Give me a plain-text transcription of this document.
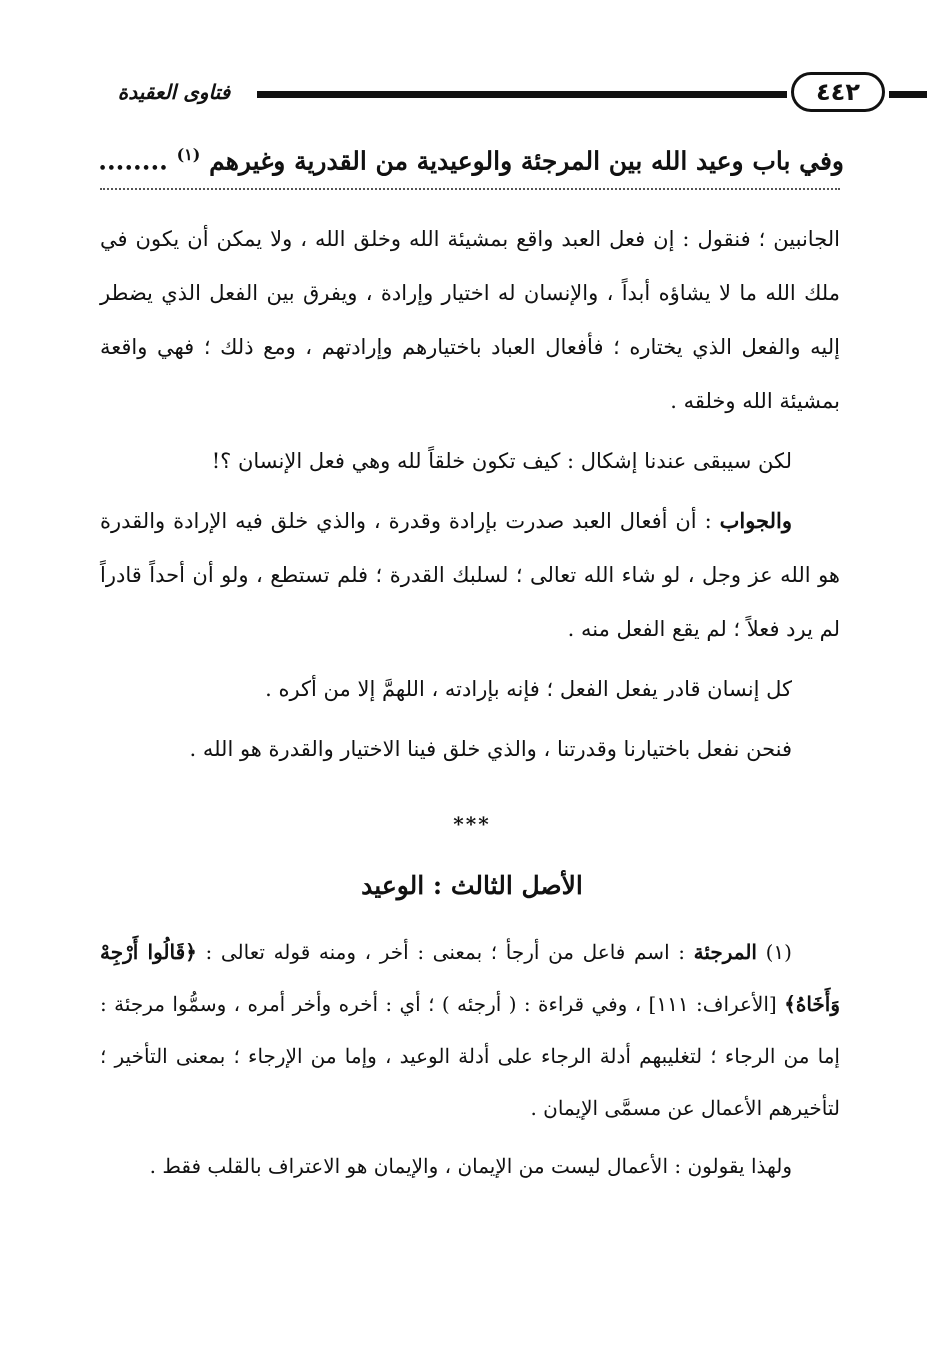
فتاوى العقيدة	٤٤٢
وفي باب وعيد الله بين المرجئة والوعيدية من القدرية وغيرهم $^{(١)}$ ........

الجانبين ؛ فنقول : إن فعل العبد واقع بمشيئة الله وخلق الله ، ولا يمكن أن يكون في ملك الله ما لا يشاؤه أبداً ، والإنسان له اختيار وإرادة ، ويفرق بين الفعل الذي يضطر إليه والفعل الذي يختاره ؛ فأفعال العباد باختيارهم وإرادتهم ، ومع ذلك ؛ فهي واقعة بمشيئة الله وخلقه .

لكن سيبقى عندنا إشكال : كيف تكون خلقاً لله وهي فعل الإنسان ؟!

والجواب : أن أفعال العبد صدرت بإرادة وقدرة ، والذي خلق فيه الإرادة والقدرة هو الله عز وجل ، لو شاء الله تعالى ؛ لسلبك القدرة ؛ فلم تستطع ، ولو أن أحداً قادراً لم يرد فعلاً ؛ لم يقع الفعل منه .

كل إنسان قادر يفعل الفعل ؛ فإنه بإرادته ، اللهمَّ إلا من أكره .

فنحن نفعل باختيارنا وقدرتنا ، والذي خلق فينا الاختيار والقدرة هو الله .

***
الأصل الثالث : الوعيد

(١) المرجئة : اسم فاعل من أرجأ ؛ بمعنى : أخر ، ومنه قوله تعالى : ﴿قَالُوا أَرْجِهْ وَأَخَاهُ﴾ [الأعراف: ١١١] ، وفي قراءة : ( أرجئه ) ؛ أي : أخره وأخر أمره ، وسمُّوا مرجئة : إما من الرجاء ؛ لتغليبهم أدلة الرجاء على أدلة الوعيد ، وإما من الإرجاء ؛ بمعنى التأخير ؛ لتأخيرهم الأعمال عن مسمَّى الإيمان .

ولهذا يقولون : الأعمال ليست من الإيمان ، والإيمان هو الاعتراف بالقلب فقط .
